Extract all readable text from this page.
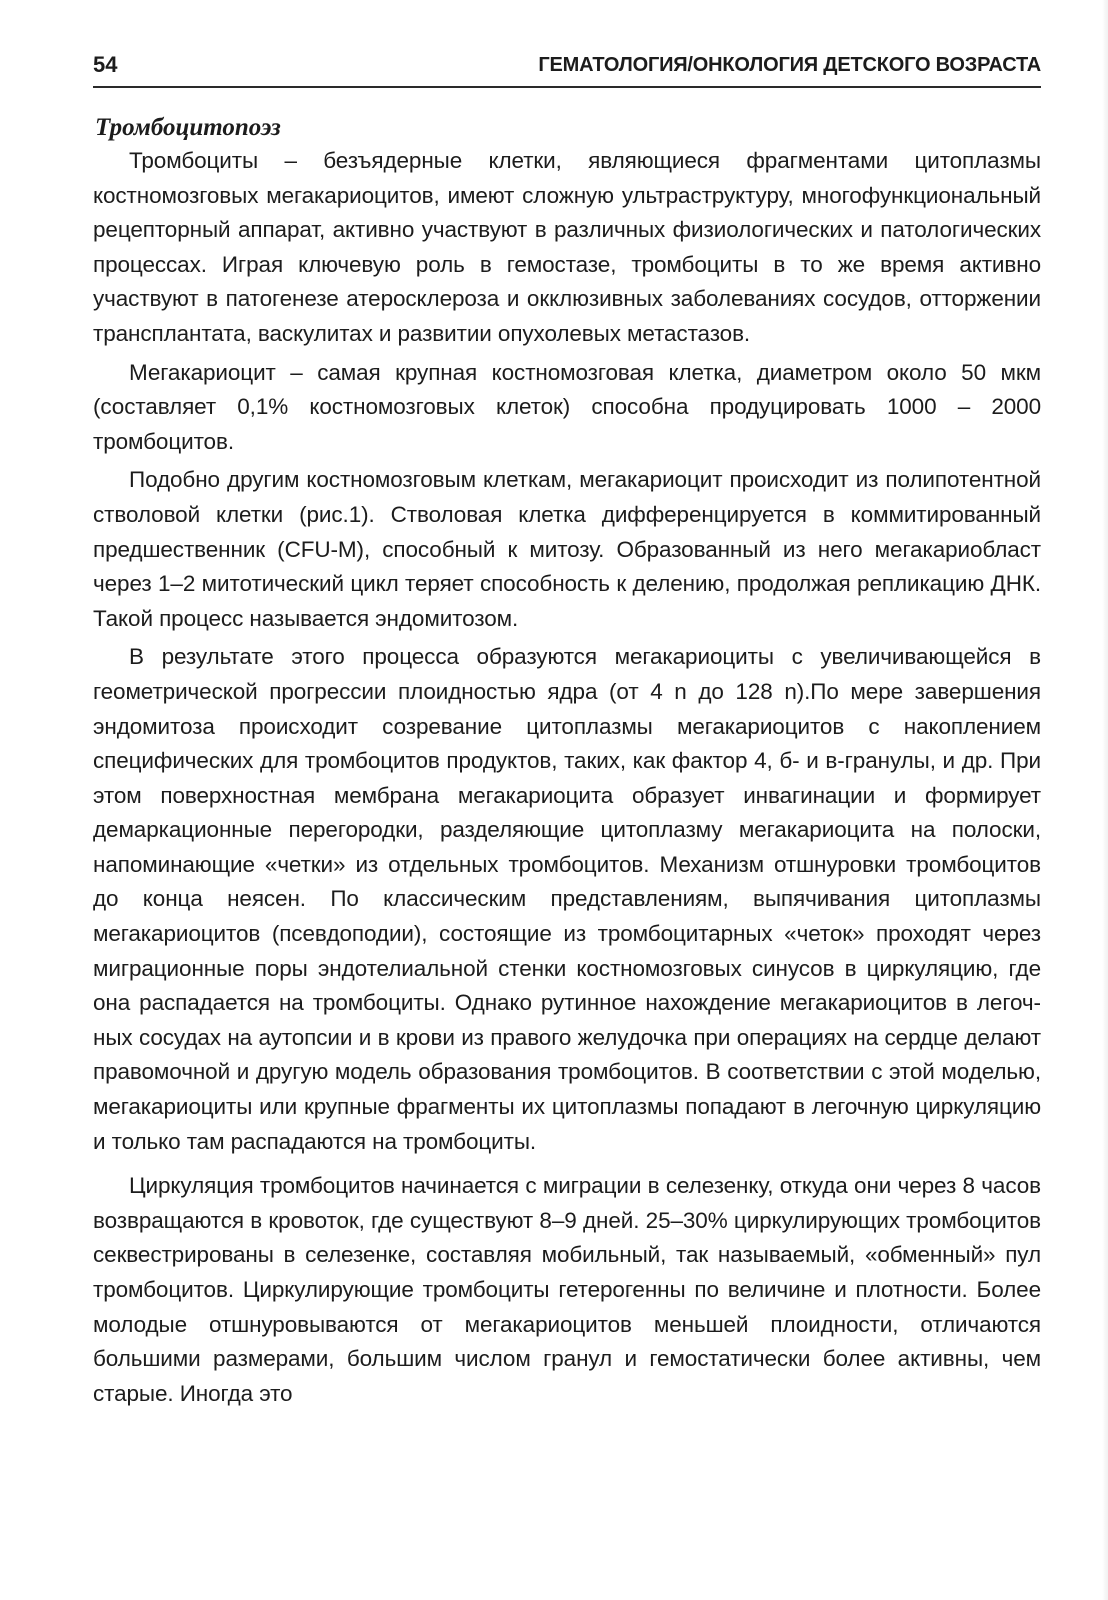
54	ГЕМАТОЛОГИЯ/ОНКОЛОГИЯ ДЕТСКОГО ВОЗРАСТА
Тромбоцитопоэз

Тромбоциты – безъядерные клетки, являющиеся фрагментами цитоплазмы костномозговых мегакариоцитов, имеют сложную ультраструктуру, многофункциональный рецепторный аппарат, активно участвуют в различных физиологических и патологических процессах. Играя ключевую роль в гемостазе, тромбоциты в то же время активно участвуют в патогенезе атеросклероза и окклюзивных заболеваниях сосудов, отторжении трансплантата, васкулитах и развитии опухолевых метастазов.

Мегакариоцит – самая крупная костномозговая клетка, диаметром около 50 мкм (составляет 0,1% костномозговых клеток) способна продуцировать 1000 – 2000 тромбоцитов.

Подобно другим костномозговым клеткам, мегакариоцит происходит из полипотентной стволовой клетки (рис.1). Стволовая клетка дифференцируется в коммитированный предшественник (CFU-M), способный к митозу. Образованный из него мегакариобласт через 1–2 митотический цикл теряет способность к делению, продолжая репликацию ДНК. Такой процесс называется эндомитозом.

В результате этого процесса образуются мегакариоциты с увеличивающейся в геометрической прогрессии плоидностью ядра (от 4 n до 128 n).По мере завершения эндомитоза происходит созревание цитоплазмы мегакариоцитов с накоплением специфических для тромбоцитов продуктов, таких, как фактор 4, б- и в-гранулы, и др. При этом поверхностная мембрана мегакариоцита образует инвагинации и формирует демаркационные перегородки, разделяющие цитоплазму мегакариоцита на полоски, напоминающие «четки» из отдельных тромбоцитов. Механизм отшнуровки тромбоцитов до конца неясен. По классическим представлениям, выпячивания цитоплазмы мегакариоцитов (псевдоподии), состоящие из тромбоцитарных «четок» проходят через миграционные поры эндотелиальной стенки костномозговых синусов в циркуляцию, где она распадается на тромбоциты. Однако рутинное нахождение мегакариоцитов в легочных сосудах на аутопсии и в крови из правого желудочка при операциях на сердце делают правомочной и другую модель образования тромбоцитов. В соответствии с этой моделью, мегакариоциты или крупные фрагменты их цитоплазмы попадают в легочную циркуляцию и только там распадаются на тромбоциты.

Циркуляция тромбоцитов начинается с миграции в селезенку, откуда они через 8 часов возвращаются в кровоток, где существуют 8–9 дней. 25–30% циркулирующих тромбоцитов секвестрированы в селезенке, составляя мобильный, так называемый, «обменный» пул тромбоцитов. Циркулирующие тромбоциты гетерогенны по величине и плотности. Более молодые отшнуровываются от мегакариоцитов меньшей плоидности, отличаются большими размерами, большим числом гранул и гемостатически более активны, чем старые. Иногда это
